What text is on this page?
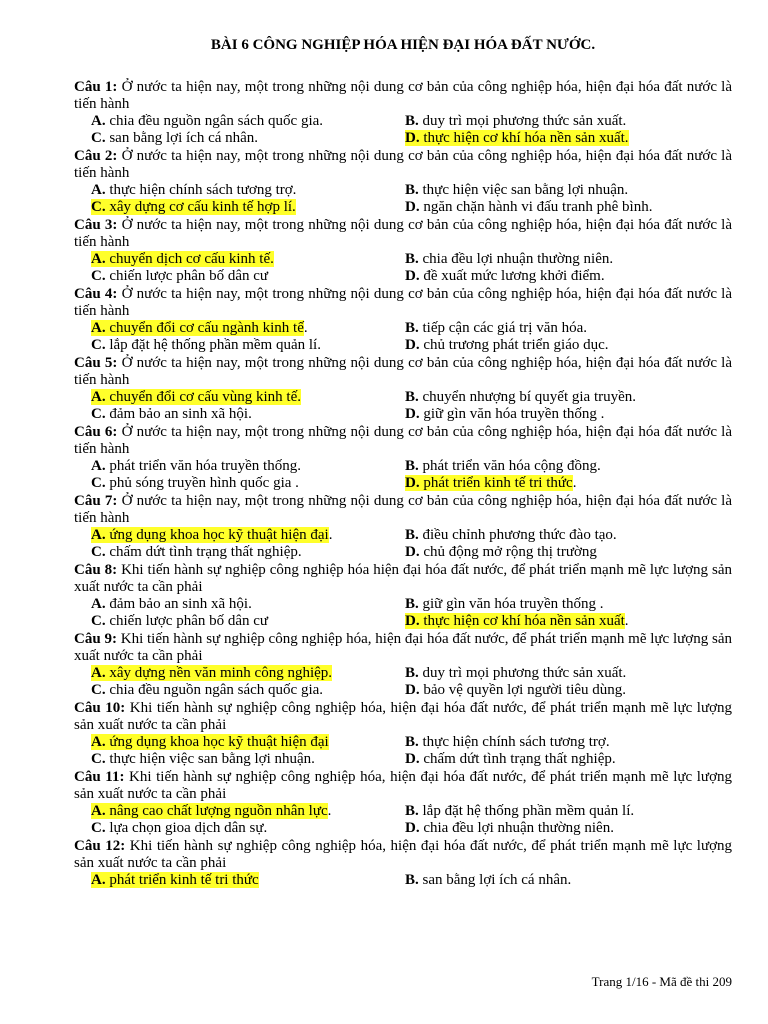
BÀI 6 CÔNG NGHIỆP HÓA HIỆN ĐẠI HÓA ĐẤT NƯỚC.
Câu 1: Ở nước ta hiện nay, một trong những nội dung cơ bản của công nghiệp hóa, hiện đại hóa đất nước là tiến hành
A. chia đều nguồn ngân sách quốc gia.	B. duy trì mọi phương thức sản xuất.
C. san bằng lợi ích cá nhân.	D. thực hiện cơ khí hóa nền sản xuất.
Câu 2: Ở nước ta hiện nay, một trong những nội dung cơ bản của công nghiệp hóa, hiện đại hóa đất nước là tiến hành
A. thực hiện chính sách tương trợ.	B. thực hiện việc san bằng lợi nhuận.
C. xây dựng cơ cấu kinh tế hợp lí.	D. ngăn chặn hành vi đấu tranh phê bình.
Câu 3: Ở nước ta hiện nay, một trong những nội dung cơ bản của công nghiệp hóa, hiện đại hóa đất nước là tiến hành
A. chuyển dịch cơ cấu kinh tế.	B. chia đều lợi nhuận thường niên.
C. chiến lược phân bố dân cư	D. đề xuất mức lương khởi điểm.
Câu 4: Ở nước ta hiện nay, một trong những nội dung cơ bản của công nghiệp hóa, hiện đại hóa đất nước là tiến hành
A. chuyển đổi cơ cấu ngành kinh tế.	B. tiếp cận các giá trị văn hóa.
C. lắp đặt hệ thống phần mềm quản lí.	D. chủ trương phát triển giáo dục.
Câu 5: Ở nước ta hiện nay, một trong những nội dung cơ bản của công nghiệp hóa, hiện đại hóa đất nước là tiến hành
A. chuyển đổi cơ cấu vùng kinh tế.	B. chuyển nhượng bí quyết gia truyền.
C. đảm bảo an sinh xã hội.	D. giữ gìn văn hóa truyền thống .
Câu 6: Ở nước ta hiện nay, một trong những nội dung cơ bản của công nghiệp hóa, hiện đại hóa đất nước là tiến hành
A. phát triển văn hóa truyền thống.	B. phát triển văn hóa cộng đồng.
C. phủ sóng truyền hình quốc gia .	D. phát triển kinh tế tri thức.
Câu 7: Ở nước ta hiện nay, một trong những nội dung cơ bản của công nghiệp hóa, hiện đại hóa đất nước là tiến hành
A. ứng dụng khoa học kỹ thuật hiện đại.	B. điều chỉnh phương thức đào tạo.
C. chấm dứt tình trạng thất nghiệp.	D. chủ động mở rộng thị trường
Câu 8: Khi tiến hành sự nghiệp công nghiệp hóa hiện đại hóa đất nước, để phát triển mạnh mẽ lực lượng sản xuất nước ta cần phải
A. đảm bảo an sinh xã hội.	B. giữ gìn văn hóa truyền thống .
C. chiến lược phân bố dân cư	D. thực hiện cơ khí hóa nền sản xuất.
Câu 9: Khi tiến hành sự nghiệp công nghiệp hóa, hiện đại hóa đất nước, để phát triển mạnh mẽ lực lượng sản xuất nước ta cần phải
A. xây dựng nền văn minh công nghiệp.	B. duy trì mọi phương thức sản xuất.
C. chia đều nguồn ngân sách quốc gia.	D. bảo vệ quyền lợi người tiêu dùng.
Câu 10: Khi tiến hành sự nghiệp công nghiệp hóa, hiện đại hóa đất nước, để phát triển mạnh mẽ lực lượng sản xuất nước ta cần phải
A. ứng dụng khoa học kỹ thuật hiện đại	B. thực hiện chính sách tương trợ.
C. thực hiện việc san bằng lợi nhuận.	D. chấm dứt tình trạng thất nghiệp.
Câu 11: Khi tiến hành sự nghiệp công nghiệp hóa, hiện đại hóa đất nước, để phát triển mạnh mẽ lực lượng sản xuất nước ta cần phải
A. nâng cao chất lượng nguồn nhân lực.	B. lắp đặt hệ thống phần mềm quản lí.
C. lựa chọn gioa dịch dân sự.	D. chia đều lợi nhuận thường niên.
Câu 12: Khi tiến hành sự nghiệp công nghiệp hóa, hiện đại hóa đất nước, để phát triển mạnh mẽ lực lượng sản xuất nước ta cần phải
A. phát triển kinh tế tri thức	B. san bằng lợi ích cá nhân.
Trang 1/16 - Mã đề thi 209
